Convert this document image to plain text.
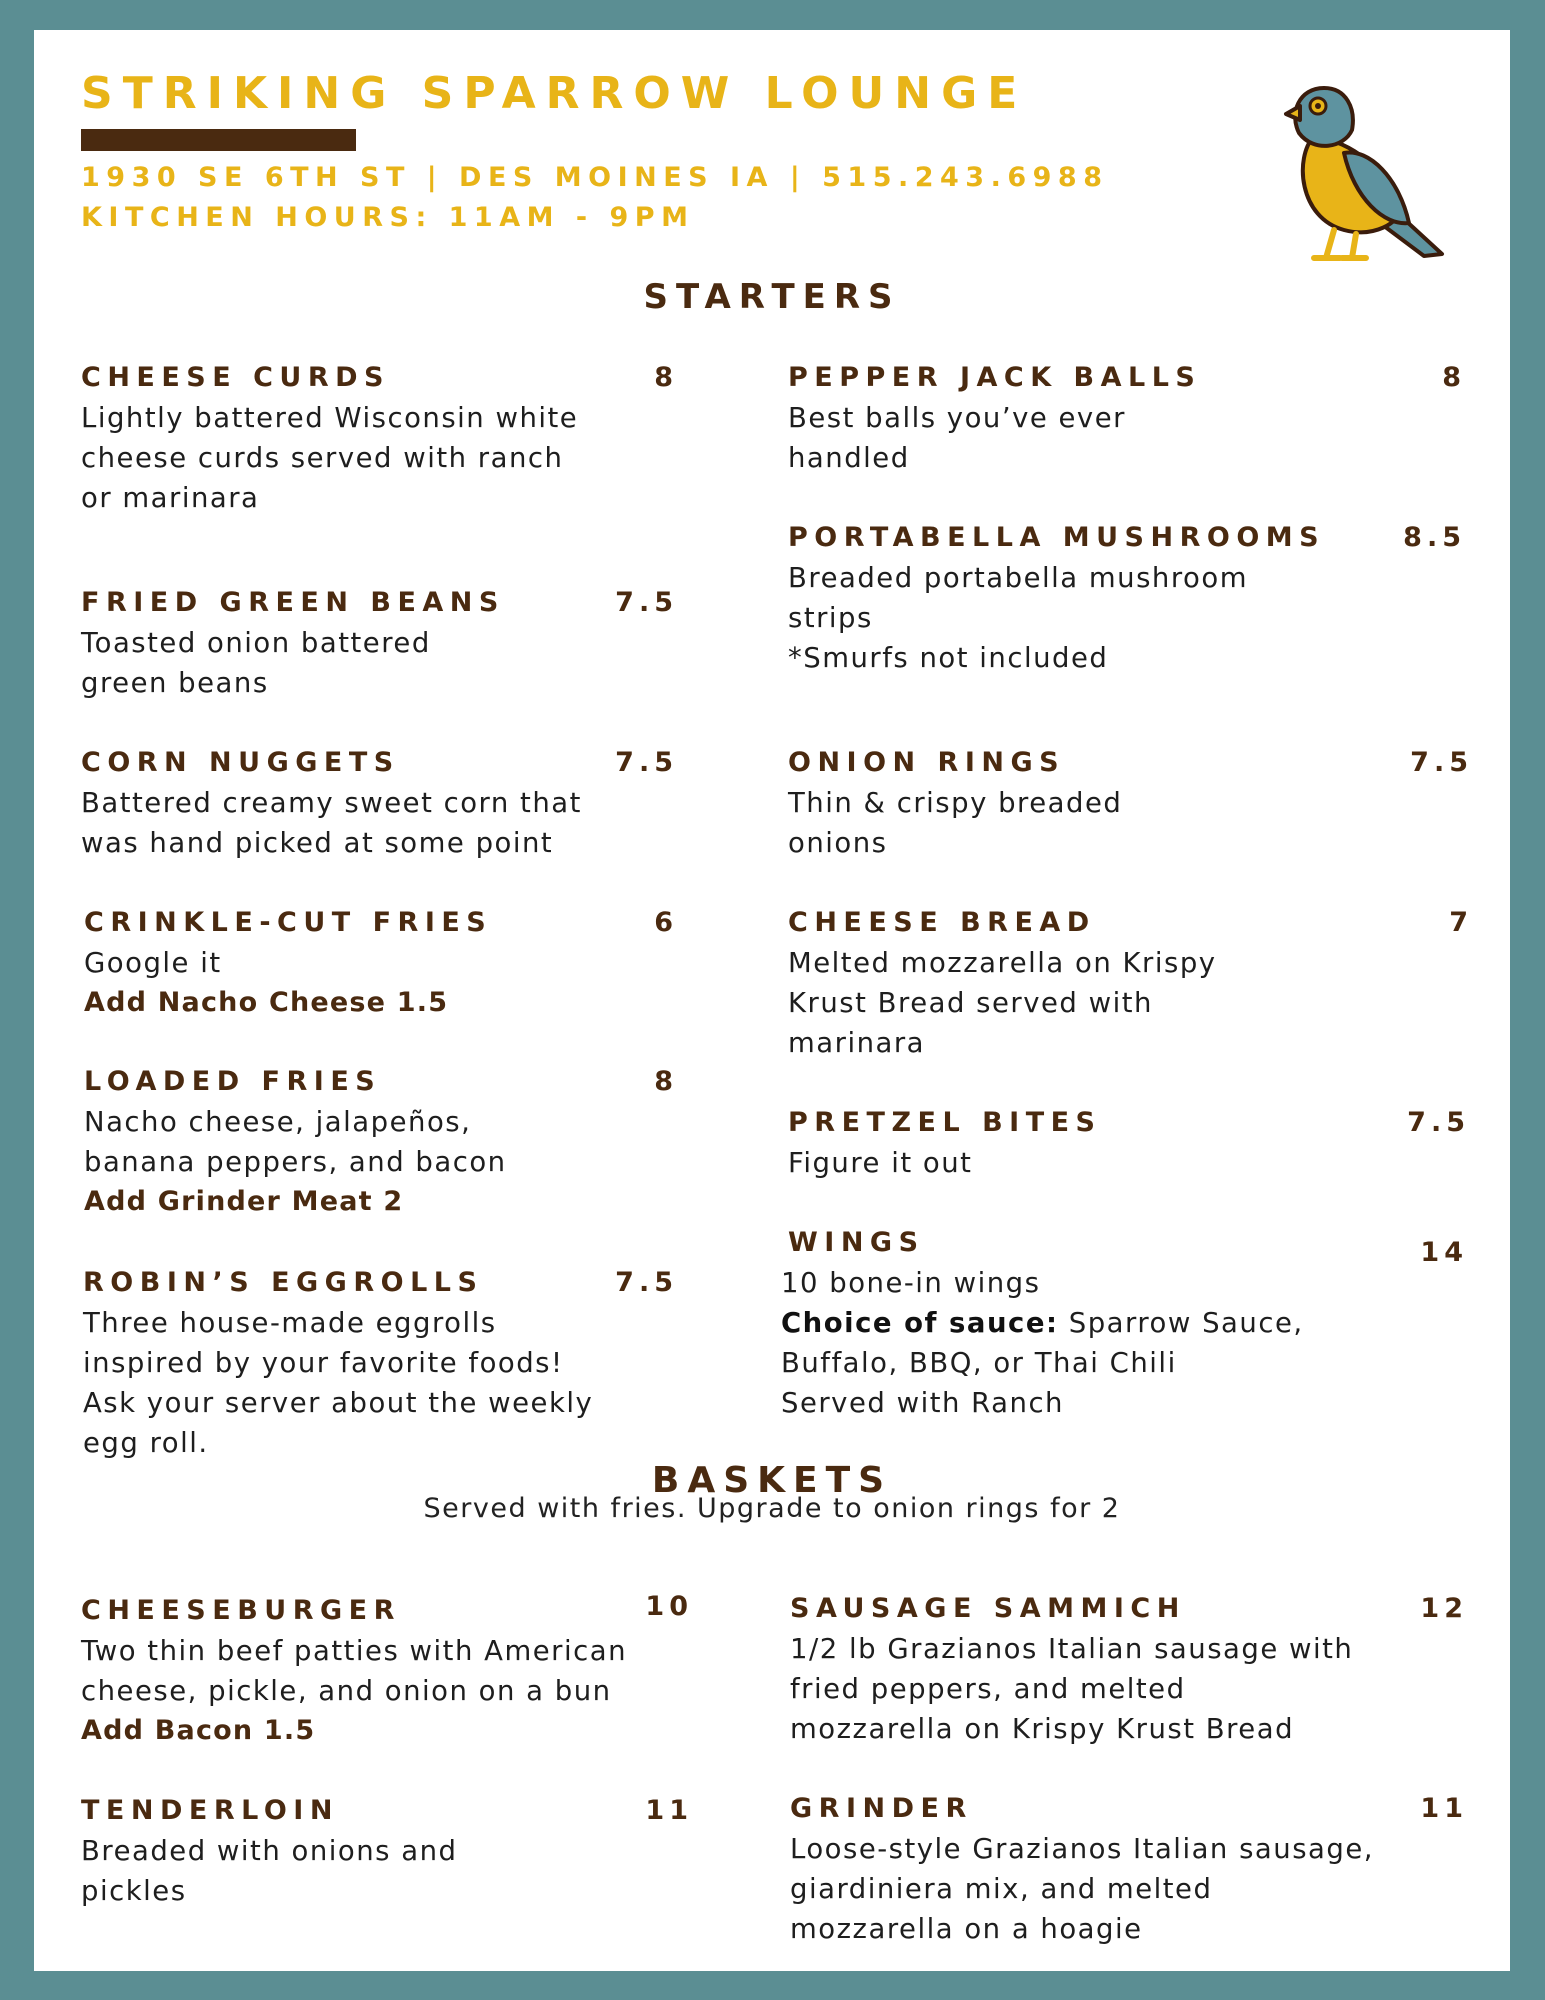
STRIKING SPARROW LOUNGE
1930 SE 6TH ST | DES MOINES IA | 515.243.6988
KITCHEN HOURS: 11AM - 9PM
STARTERS
CHEESE CURDS	8
Lightly battered Wisconsin white
cheese curds served with ranch
or marinara
FRIED GREEN BEANS	7.5
Toasted onion battered
green beans
CORN NUGGETS	7.5
Battered creamy sweet corn that
was hand picked at some point
CRINKLE-CUT FRIES	6
Google it
Add Nacho Cheese 1.5
LOADED FRIES	8
Nacho cheese, jalapeños,
banana peppers, and bacon
Add Grinder Meat 2
ROBIN’S EGGROLLS	7.5
Three house-made eggrolls
inspired by your favorite foods!
Ask your server about the weekly
egg roll.
PEPPER JACK BALLS	8
Best balls you’ve ever
handled
PORTABELLA MUSHROOMS	8.5
Breaded portabella mushroom
strips
*Smurfs not included
ONION RINGS	7.5
Thin & crispy breaded
onions
CHEESE BREAD	7
Melted mozzarella on Krispy
Krust Bread served with
marinara
PRETZEL BITES	7.5
Figure it out
WINGS	14
10 bone-in wings
Choice of sauce: Sparrow Sauce,
Buffalo, BBQ, or Thai Chili
Served with Ranch
BASKETS
Served with fries. Upgrade to onion rings for 2
CHEESEBURGER	10
Two thin beef patties with American
cheese, pickle, and onion on a bun
Add Bacon 1.5
TENDERLOIN	11
Breaded with onions and
pickles
SAUSAGE SAMMICH	12
1/2 lb Grazianos Italian sausage with
fried peppers, and melted
mozzarella on Krispy Krust Bread
GRINDER	11
Loose-style Grazianos Italian sausage,
giardiniera mix, and melted
mozzarella on a hoagie
